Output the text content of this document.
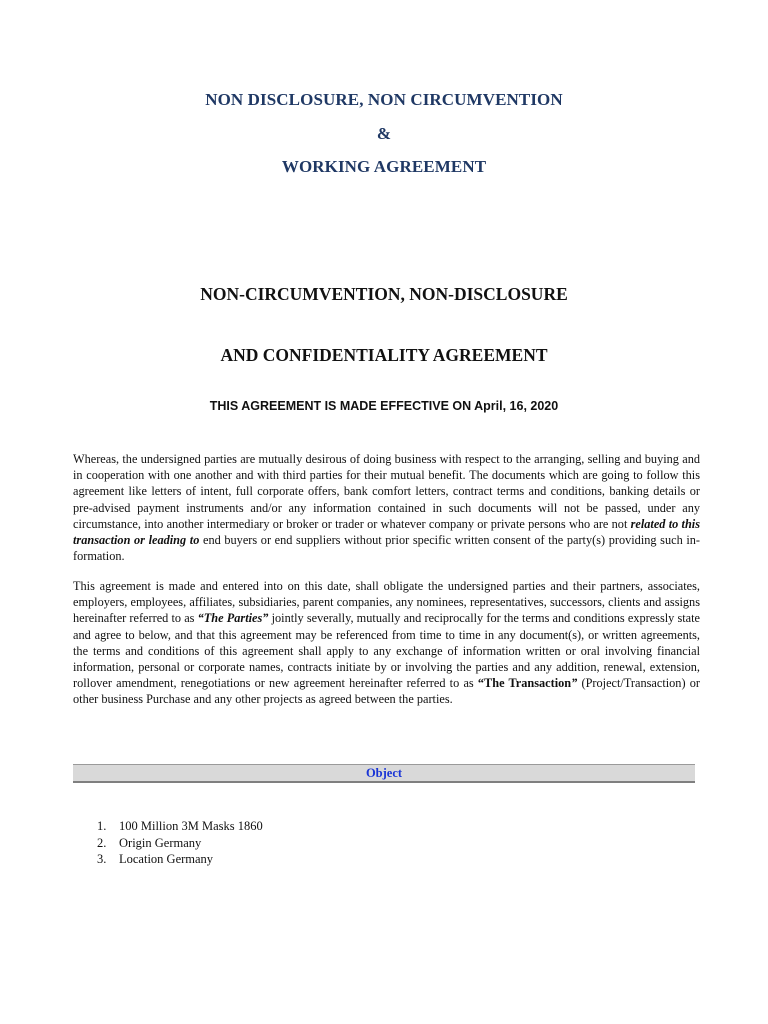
NON DISCLOSURE, NON CIRCUMVENTION
&
WORKING AGREEMENT
NON-CIRCUMVENTION, NON-DISCLOSURE
AND CONFIDENTIALITY AGREEMENT
THIS AGREEMENT IS MADE EFFECTIVE ON April, 16, 2020
Whereas, the undersigned parties are mutually desirous of doing business with respect to the arranging, selling and buying and in cooperation with one another and with third parties for their mutual benefit. The documents which are going to follow this agreement like letters of intent, full corporate offers, bank comfort letters, contract terms and conditions, banking details or pre-advised payment instruments and/or any information contained in such documents will not be passed, under any circumstance, into another intermediary or broker or trader or whatever company or private persons who are not related to this transaction or leading to end buyers or end suppliers without prior specific written consent of the party(s) providing such in-formation.
This agreement is made and entered into on this date, shall obligate the undersigned parties and their partners, associates, employers, employees, affiliates, subsidiaries, parent companies, any nominees, representatives, successors, clients and assigns hereinafter referred to as “The Parties” jointly severally, mutually and reciprocally for the terms and conditions expressly state and agree to below, and that this agreement may be referenced from time to time in any document(s), or written agreements, the terms and conditions of this agreement shall apply to any exchange of information written or oral involving financial information, personal or corporate names, contracts initiate by or involving the parties and any addition, renewal, extension, rollover amendment, renegotiations or new agreement hereinafter referred to as “The Transaction” (Project/Transaction) or other business Purchase and any other projects as agreed between the parties.
Object
1. 100 Million 3M Masks 1860
2. Origin Germany
3. Location Germany
